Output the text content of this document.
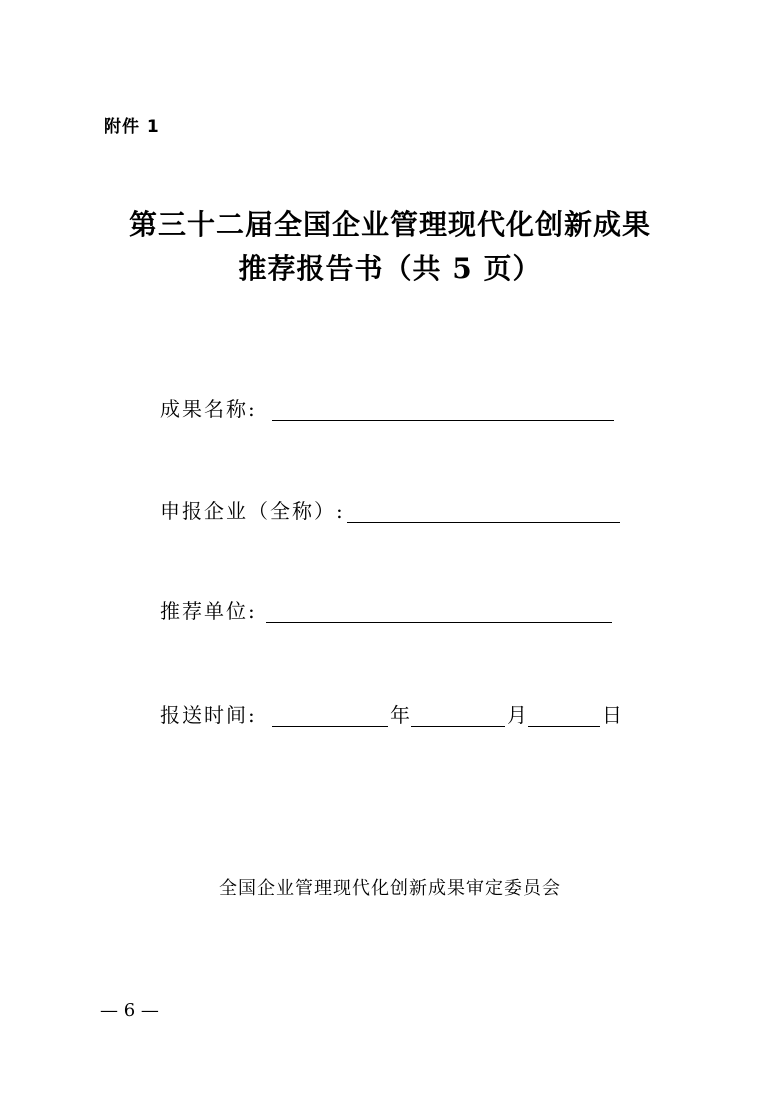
附件 1
第三十二届全国企业管理现代化创新成果
推荐报告书（共 5 页）
成果名称:
申报企业（全称）:
推荐单位:
报送时间:	年	月	日
全国企业管理现代化创新成果审定委员会
— 6 —
